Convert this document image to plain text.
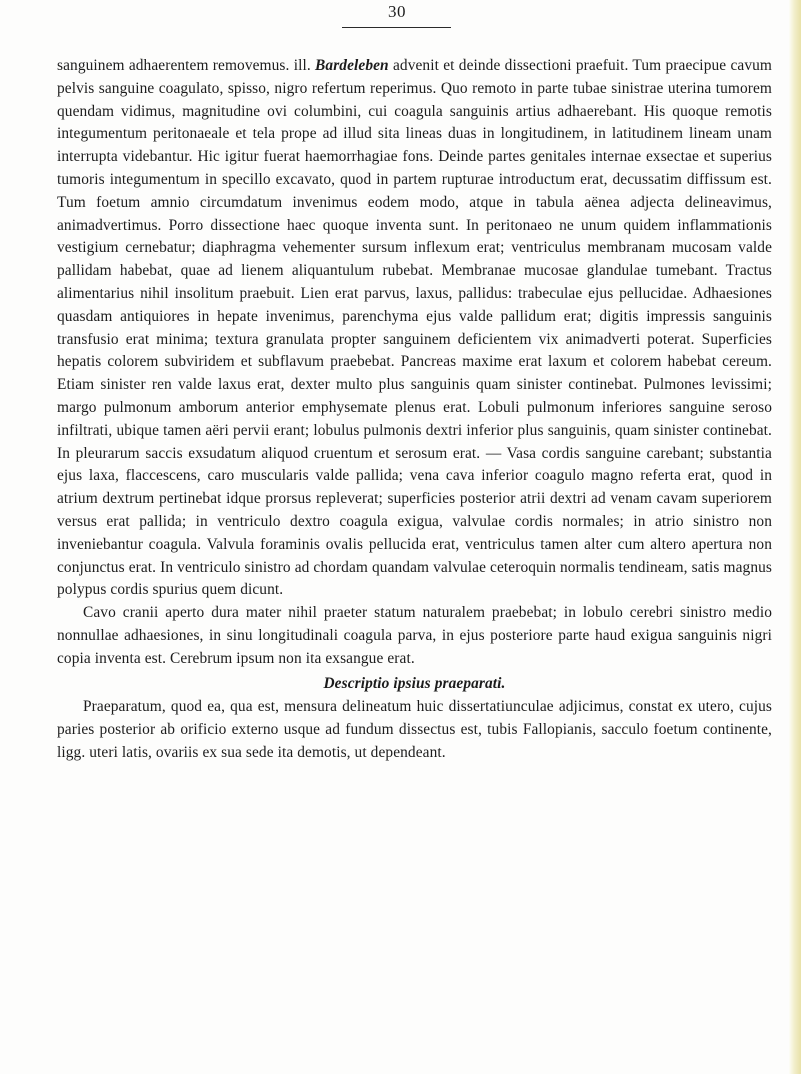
30

sanguinem adhaerentem removemus. ill. Bardeleben advenit et deinde dissectioni praefuit. Tum praecipue cavum pelvis sanguine coagulato, spisso, nigro refertum reperimus. Quo remoto in parte tubae sinistrae uterina tumorem quendam vidimus, magnitudine ovi columbini, cui coagula sanguinis artius adhaerebant. His quoque remotis integumentum peritonaeale et tela prope ad illud sita lineas duas in longitudinem, in latitudinem lineam unam interrupta videbantur. Hic igitur fuerat haemorrhagiae fons. Deinde partes genitales internae exsectae et superius tumoris integumentum in specillo excavato, quod in partem rupturae introductum erat, decussatim diffissum est. Tum foetum amnio circumdatum invenimus eodem modo, atque in tabula aënea adjecta delineavimus, animadvertimus. Porro dissectione haec quoque inventa sunt. In peritonaeo ne unum quidem inflammationis vestigium cernebatur; diaphragma vehementer sursum inflexum erat; ventriculus membranam mucosam valde pallidam habebat, quae ad lienem aliquantulum rubebat. Membranae mucosae glandulae tumebant. Tractus alimentarius nihil insolitum praebuit. Lien erat parvus, laxus, pallidus: trabeculae ejus pellucidae. Adhaesiones quasdam antiquiores in hepate invenimus, parenchyma ejus valde pallidum erat; digitis impressis sanguinis transfusio erat minima; textura granulata propter sanguinem deficientem vix animadverti poterat. Superficies hepatis colorem subviridem et subflavum praebebat. Pancreas maxime erat laxum et colorem habebat cereum. Etiam sinister ren valde laxus erat, dexter multo plus sanguinis quam sinister continebat. Pulmones levissimi; margo pulmonum amborum anterior emphysemate plenus erat. Lobuli pulmonum inferiores sanguine seroso infiltrati, ubique tamen aëri pervii erant; lobulus pulmonis dextri inferior plus sanguinis, quam sinister continebat. In pleurarum saccis exsudatum aliquod cruentum et serosum erat. — Vasa cordis sanguine carebant; substantia ejus laxa, flaccescens, caro muscularis valde pallida; vena cava inferior coagulo magno referta erat, quod in atrium dextrum pertinebat idque prorsus repleverat; superficies posterior atrii dextri ad venam cavam superiorem versus erat pallida; in ventriculo dextro coagula exigua, valvulae cordis normales; in atrio sinistro non inveniebantur coagula. Valvula foraminis ovalis pellucida erat, ventriculus tamen alter cum altero apertura non conjunctus erat. In ventriculo sinistro ad chordam quandam valvulae ceteroquin normalis tendineam, satis magnus polypus cordis spurius quem dicunt.

Cavo cranii aperto dura mater nihil praeter statum naturalem praebebat; in lobulo cerebri sinistro medio nonnullae adhaesiones, in sinu longitudinali coagula parva, in ejus posteriore parte haud exigua sanguinis nigri copia inventa est. Cerebrum ipsum non ita exsangue erat.

Descriptio ipsius praeparati.

Praeparatum, quod ea, qua est, mensura delineatum huic dissertatiunculae adjicimus, constat ex utero, cujus paries posterior ab orificio externo usque ad fundum dissectus est, tubis Fallopianis, sacculo foetum continente, ligg. uteri latis, ovariis ex sua sede ita demotis, ut dependeant.
